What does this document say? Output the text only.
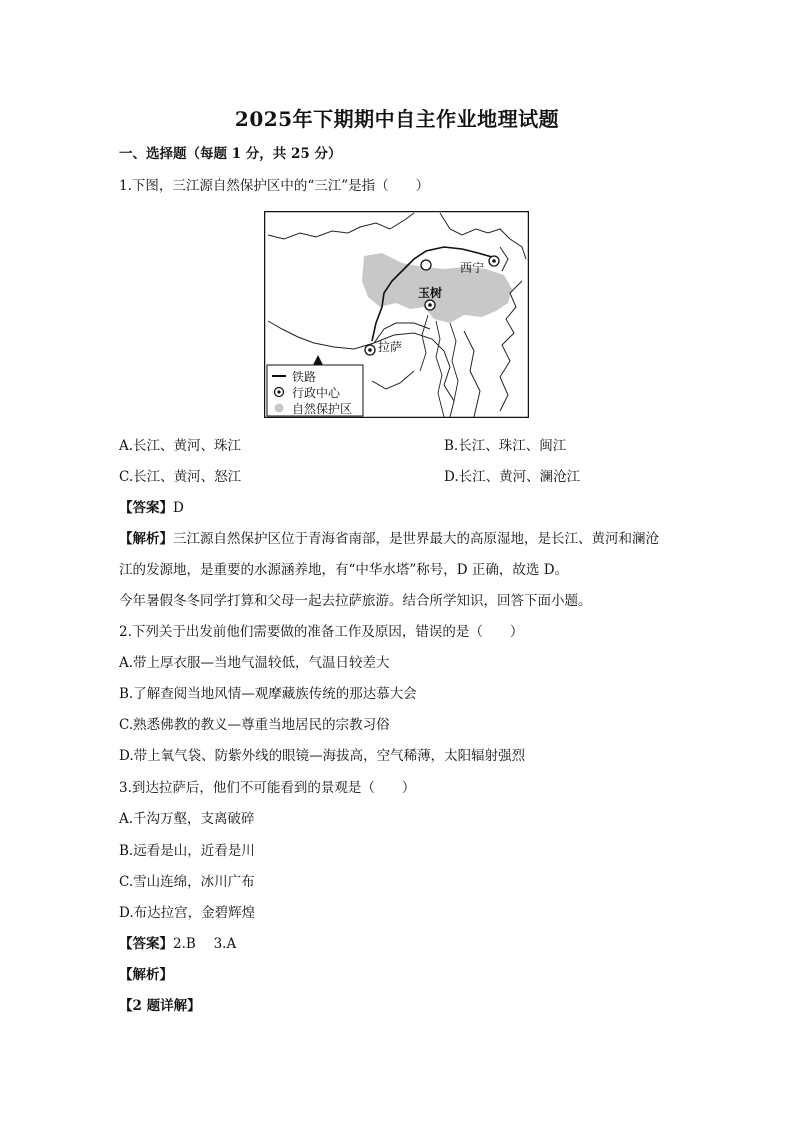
2025年下期期中自主作业地理试题
一、选择题（每题 1 分，共 25 分）
1.下图，三江源自然保护区中的“三江”是指（　　）
西宁
玉树
拉萨
铁路
行政中心
自然保护区
A.长江、黄河、珠江	B.长江、珠江、闽江
C.长江、黄河、怒江	D.长江、黄河、澜沧江
【答案】D
【解析】三江源自然保护区位于青海省南部，是世界最大的高原湿地，是长江、黄河和澜沧
江的发源地，是重要的水源涵养地，有“中华水塔”称号，D 正确，故选 D。
今年暑假冬冬同学打算和父母一起去拉萨旅游。结合所学知识，回答下面小题。
2.下列关于出发前他们需要做的准备工作及原因，错误的是（　　）
A.带上厚衣服—当地气温较低，气温日较差大
B.了解查阅当地风情—观摩藏族传统的那达慕大会
C.熟悉佛教的教义—尊重当地居民的宗教习俗
D.带上氧气袋、防紫外线的眼镜—海拔高，空气稀薄，太阳辐射强烈
3.到达拉萨后，他们不可能看到的景观是（　　）
A.千沟万壑，支离破碎
B.远看是山，近看是川
C.雪山连绵，冰川广布
D.布达拉宫，金碧辉煌
【答案】2.B　 3.A
【解析】
【2 题详解】
